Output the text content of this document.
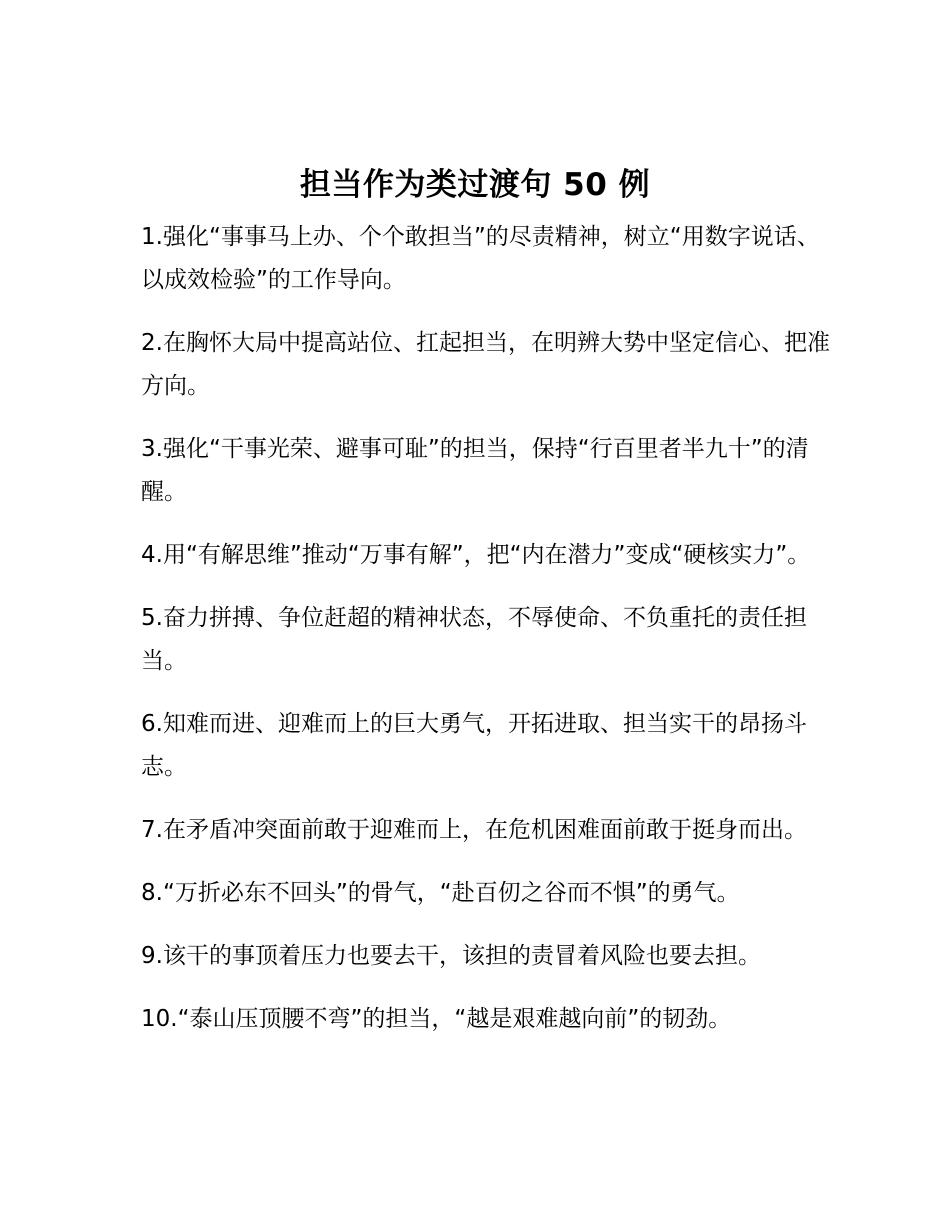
担当作为类过渡句 50 例
1.强化“事事马上办、个个敢担当”的尽责精神，树立“用数字说话、以成效检验”的工作导向。
2.在胸怀大局中提高站位、扛起担当，在明辨大势中坚定信心、把准方向。
3.强化“干事光荣、避事可耻”的担当，保持“行百里者半九十”的清醒。
4.用“有解思维”推动“万事有解”，把“内在潜力”变成“硬核实力”。
5.奋力拼搏、争位赶超的精神状态，不辱使命、不负重托的责任担当。
6.知难而进、迎难而上的巨大勇气，开拓进取、担当实干的昂扬斗志。
7.在矛盾冲突面前敢于迎难而上，在危机困难面前敢于挺身而出。
8.“万折必东不回头”的骨气，“赴百仞之谷而不惧”的勇气。
9.该干的事顶着压力也要去干，该担的责冒着风险也要去担。
10.“泰山压顶腰不弯”的担当，“越是艰难越向前”的韧劲。
